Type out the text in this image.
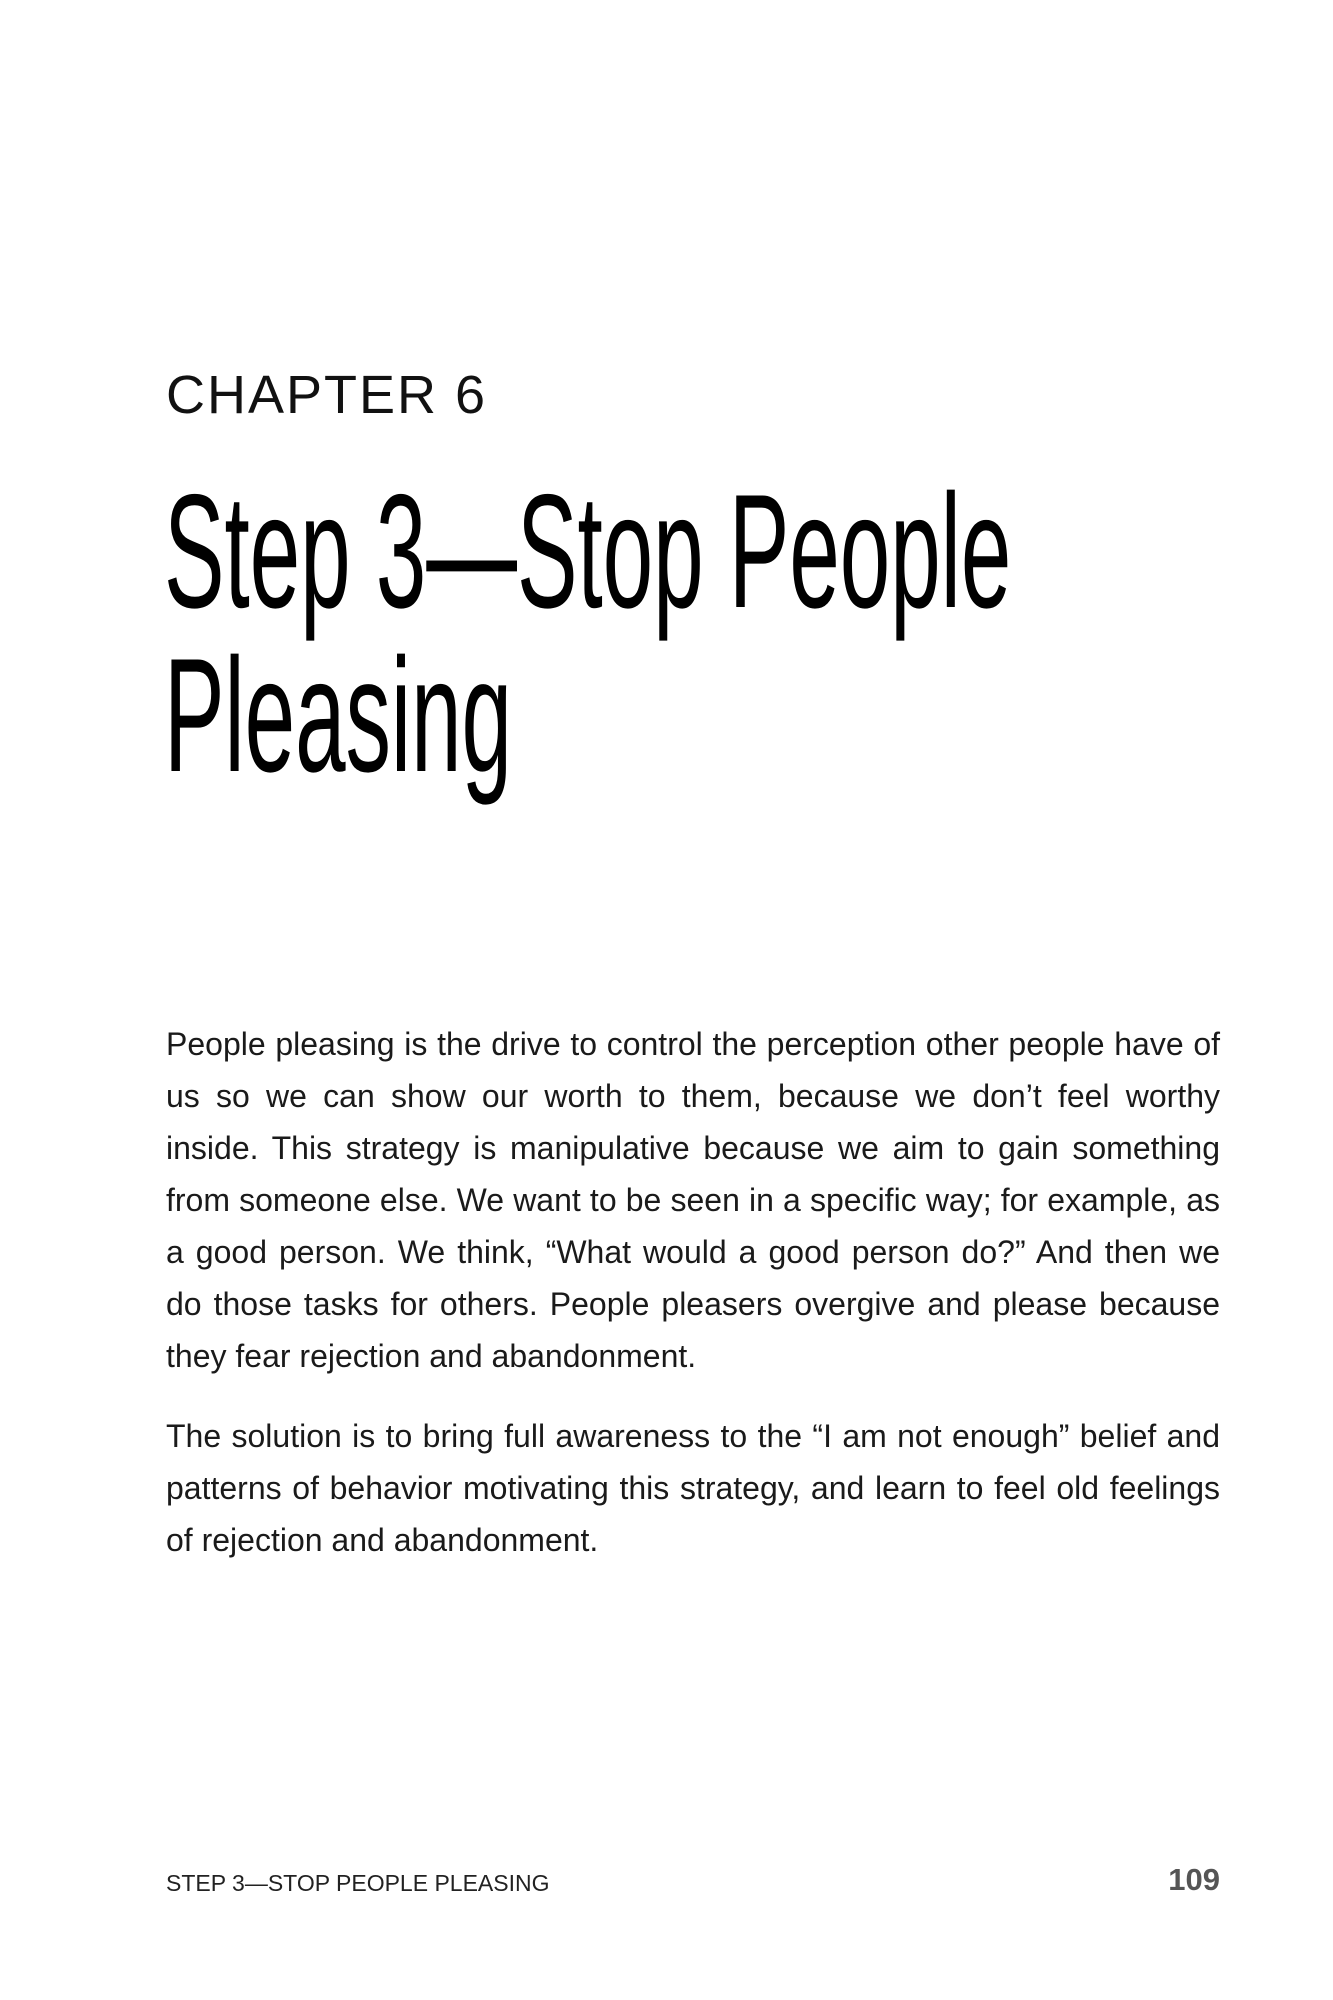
CHAPTER 6
Step 3—Stop People
Pleasing

People pleasing is the drive to control the perception other people have of us so we can show our worth to them, because we don’t feel worthy inside. This strategy is manipulative because we aim to gain something from someone else. We want to be seen in a specific way; for example, as a good person. We think, “What would a good person do?” And then we do those tasks for others. People pleasers overgive and please because they fear rejection and abandonment.

The solution is to bring full awareness to the “I am not enough” belief and patterns of behavior motivating this strategy, and learn to feel old feelings of rejection and abandonment.

STEP 3—STOP PEOPLE PLEASING	109
